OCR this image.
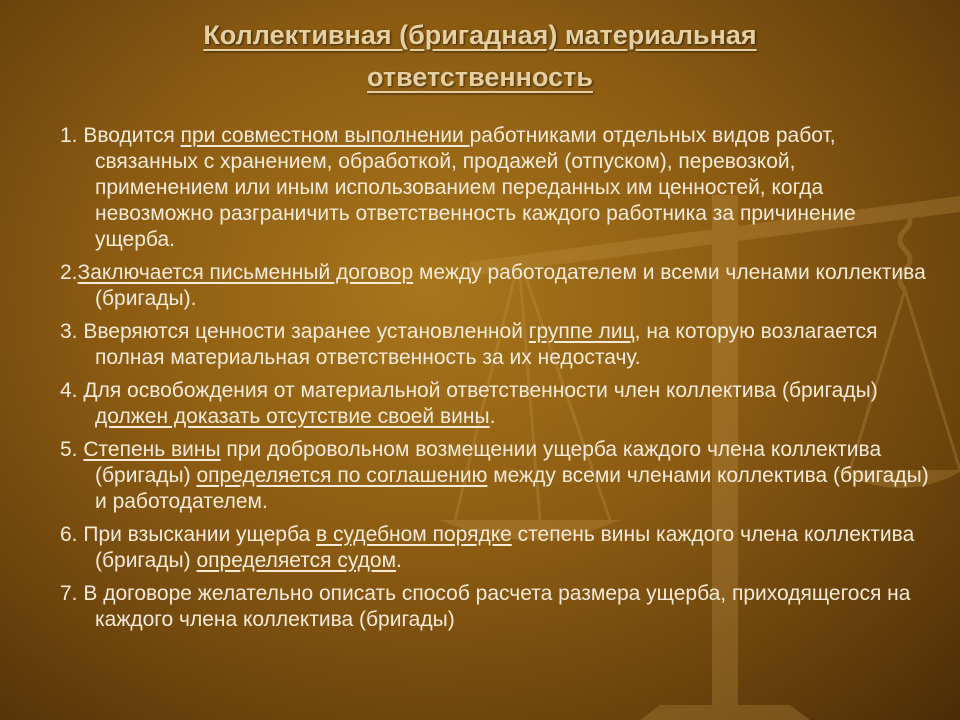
Коллективная (бригадная) материальная
ответственность
1. Вводится при совместном выполнении работниками отдельных видов работ, связанных с хранением, обработкой, продажей (отпуском), перевозкой, применением или иным использованием переданных им ценностей, когда невозможно разграничить ответственность каждого работника за причинение ущерба.
2.Заключается письменный договор между работодателем и всеми членами коллектива (бригады).
3. Вверяются ценности заранее установленной группе лиц, на которую возлагается полная материальная ответственность за их недостачу.
4. Для освобождения от материальной ответственности член коллектива (бригады) должен доказать отсутствие своей вины.
5. Степень вины при добровольном возмещении ущерба каждого члена коллектива (бригады) определяется по соглашению между всеми членами коллектива (бригады) и работодателем.
6. При взыскании ущерба в судебном порядке степень вины каждого члена коллектива (бригады) определяется судом.
7. В договоре желательно описать способ расчета размера ущерба, приходящегося на каждого члена коллектива (бригады)
